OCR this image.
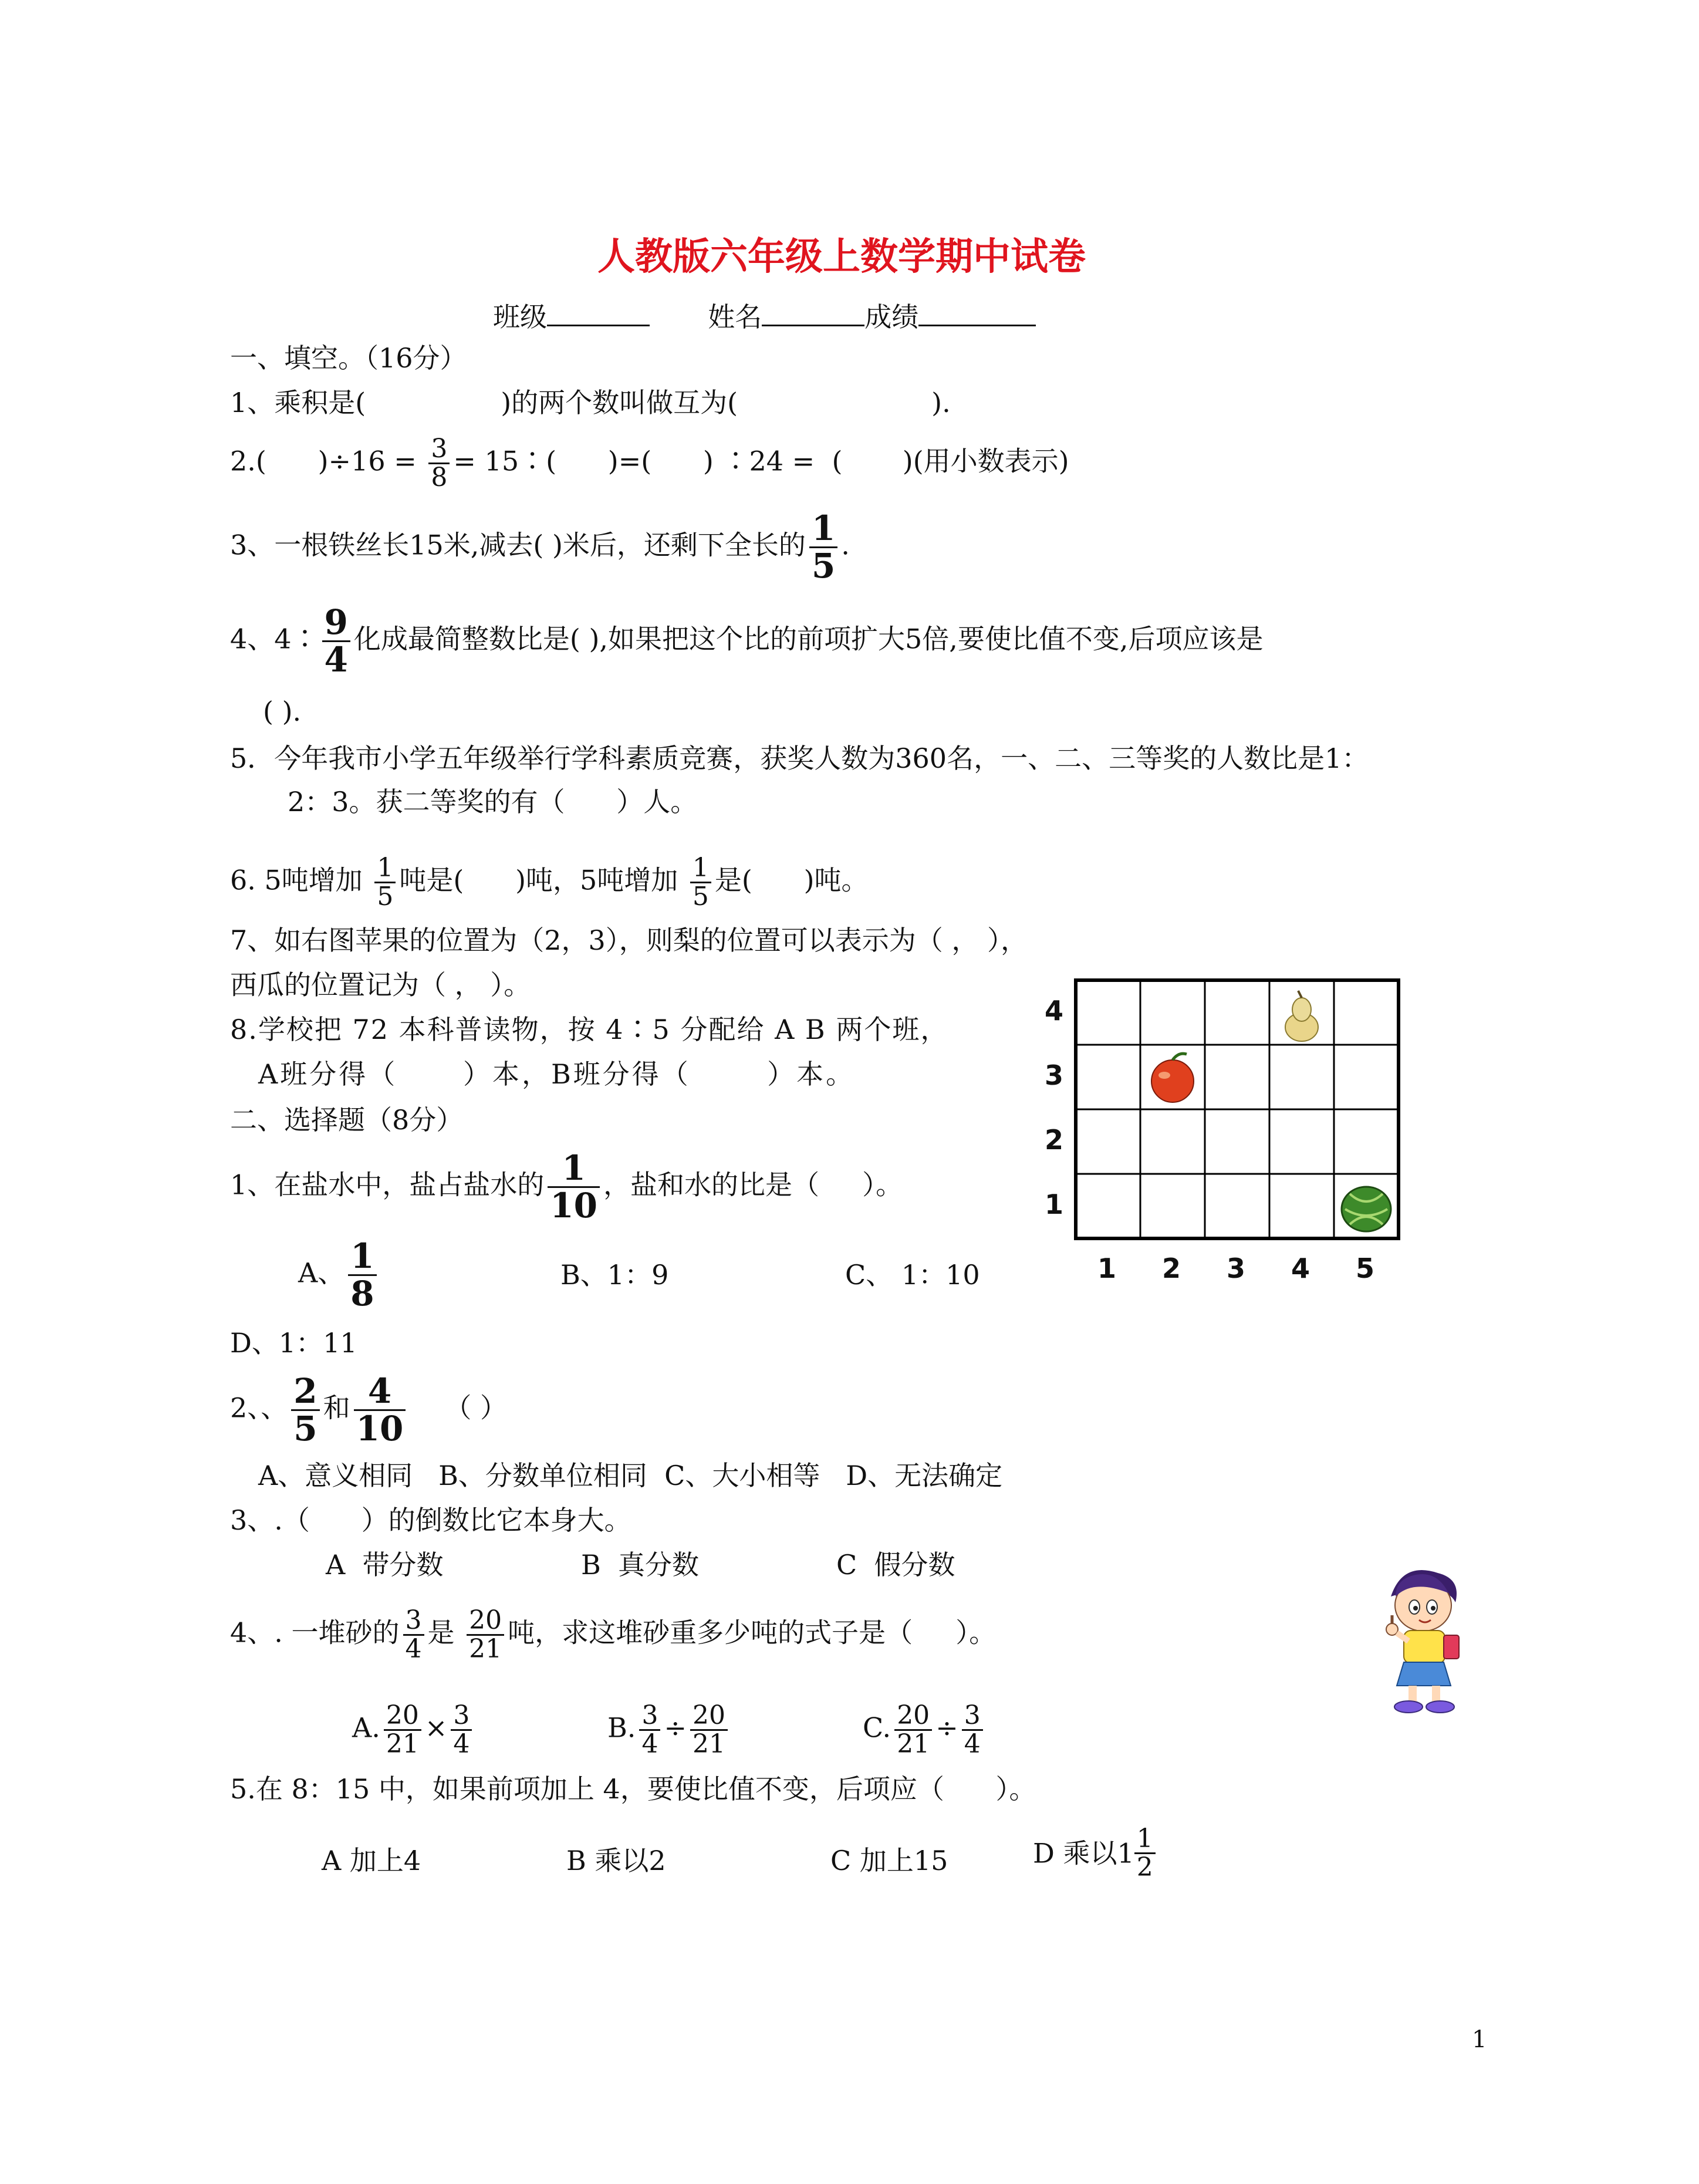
人教版六年级上数学期中试卷
班级	姓名	成绩
一、填空。（16分）
1、乘积是(	)的两个数叫做互为(	).
2.(      )$\div 16 = \frac{3}{8}$ = 15∶(      )=(      ) ∶24 =  (       )(用小数表示)
3、一根铁丝长15米,减去( )米后，还剩下全长的 $\frac{1}{5}$ .
4、4∶ $\frac{9}{4}$ 化成最简整数比是( ),如果把这个比的前项扩大5倍,要使比值不变,后项应该是
( ).
5．今年我市小学五年级举行学科素质竞赛，获奖人数为360名，一、二、三等奖的人数比是1：
2：3。获二等奖的有（      ）人。
6. 5吨增加 $\frac{1}{5}$ 吨是(      )吨，5吨增加 $\frac{1}{5}$ 是(      )吨。
7、如右图苹果的位置为（2，3），则梨的位置可以表示为（ ， ），
西瓜的位置记为（ ， ）。
8.学校把 72 本科普读物，按 4∶5 分配给 A B 两个班，
A班分得（      ）本，B班分得（       ）本。
二、选择题（8分）
1、在盐水中，盐占盐水的 $\frac{1}{10}$ ，盐和水的比是（     ）。
A、 $\frac{1}{8}$	B、1：9	C、 1：10
D、1：11
2、、 $\frac{2}{5}$ 和 $\frac{4}{10}$ （ ）
A、意义相同   B、分数单位相同  C、大小相等   D、无法确定
3、.（      ）的倒数比它本身大。
A  带分数	B  真分数	C  假分数
4、. 一堆砂的 $\frac{3}{4}$ 是 $\frac{20}{21}$ 吨，求这堆砂重多少吨的式子是（     ）。
A. $\frac{20}{21} \times \frac{3}{4}$	B. $\frac{3}{4} \div \frac{20}{21}$	C. $\frac{20}{21} \div \frac{3}{4}$
5.在 8：15 中，如果前项加上 4，要使比值不变，后项应（      ）。
A 加上4	B 乘以2	C 加上15	D 乘以$1 \frac{1}{2}$
4
3
2
1
1 2 3 4 5
1
